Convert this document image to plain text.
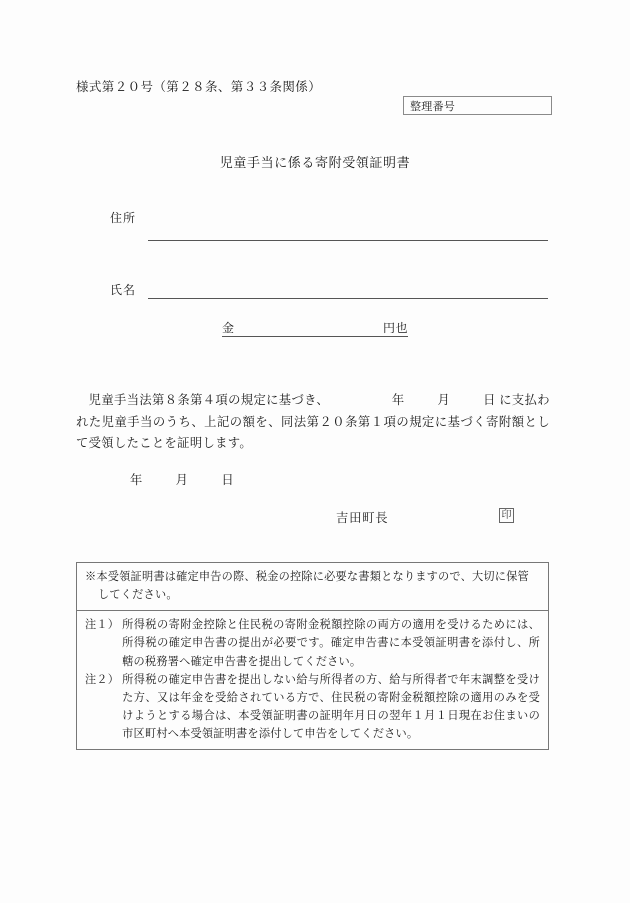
様式第２０号（第２８条、第３３条関係）
整理番号
児童手当に係る寄附受領証明書
住所
氏名
金	円也
　児童手当法第８条第４項の規定に基づき、	年	月	日 に支払われた児童手当のうち、上記の額を、同法第２０条第１項の規定に基づく寄附額として受領したことを証明します。
年	月	日
吉田町長	印
※本受領証明書は確定申告の際、税金の控除に必要な書類となりますので、大切に保管
してください。
注１） 所得税の寄附金控除と住民税の寄附金税額控除の両方の適用を受けるためには、所得税の確定申告書の提出が必要です。確定申告書に本受領証明書を添付し、所轄の税務署へ確定申告書を提出してください。
注２） 所得税の確定申告書を提出しない給与所得者の方、給与所得者で年末調整を受けた方、又は年金を受給されている方で、住民税の寄附金税額控除の適用のみを受けようとする場合は、本受領証明書の証明年月日の翌年１月１日現在お住まいの市区町村へ本受領証明書を添付して申告をしてください。
